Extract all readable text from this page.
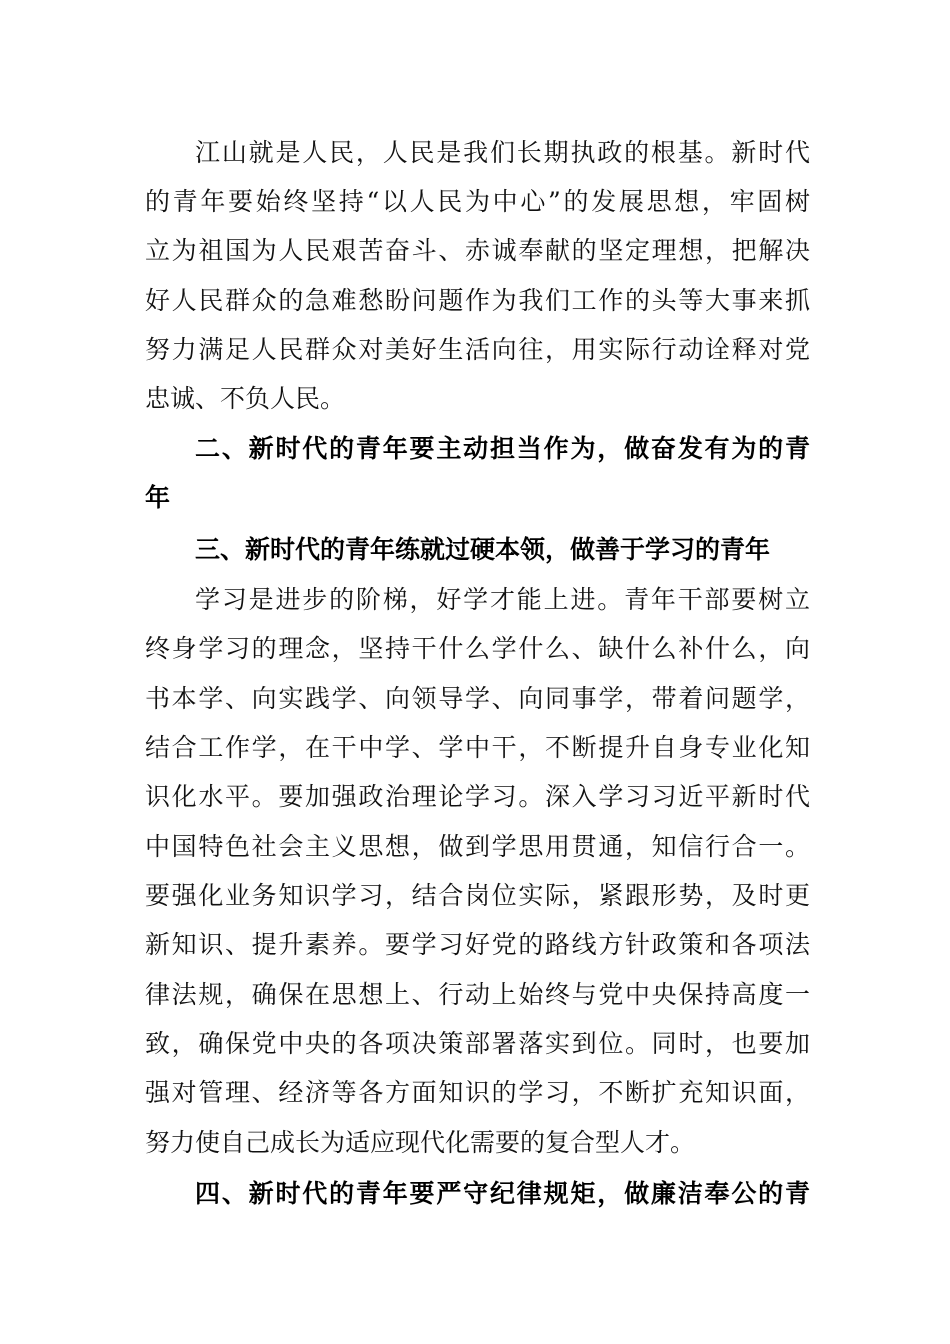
江山就是人民，人民是我们长期执政的根基。新时代
的青年要始终坚持“以人民为中心”的发展思想，牢固树
立为祖国为人民艰苦奋斗、赤诚奉献的坚定理想，把解决
好人民群众的急难愁盼问题作为我们工作的头等大事来抓
努力满足人民群众对美好生活向往，用实际行动诠释对党
忠诚、不负人民。
二、新时代的青年要主动担当作为，做奋发有为的青
年
三、新时代的青年练就过硬本领，做善于学习的青年
学习是进步的阶梯，好学才能上进。青年干部要树立
终身学习的理念，坚持干什么学什么、缺什么补什么，向
书本学、向实践学、向领导学、向同事学，带着问题学，
结合工作学，在干中学、学中干，不断提升自身专业化知
识化水平。要加强政治理论学习。深入学习习近平新时代
中国特色社会主义思想，做到学思用贯通，知信行合一。
要强化业务知识学习，结合岗位实际，紧跟形势，及时更
新知识、提升素养。要学习好党的路线方针政策和各项法
律法规，确保在思想上、行动上始终与党中央保持高度一
致，确保党中央的各项决策部署落实到位。同时，也要加
强对管理、经济等各方面知识的学习，不断扩充知识面，
努力使自己成长为适应现代化需要的复合型人才。
四、新时代的青年要严守纪律规矩，做廉洁奉公的青
